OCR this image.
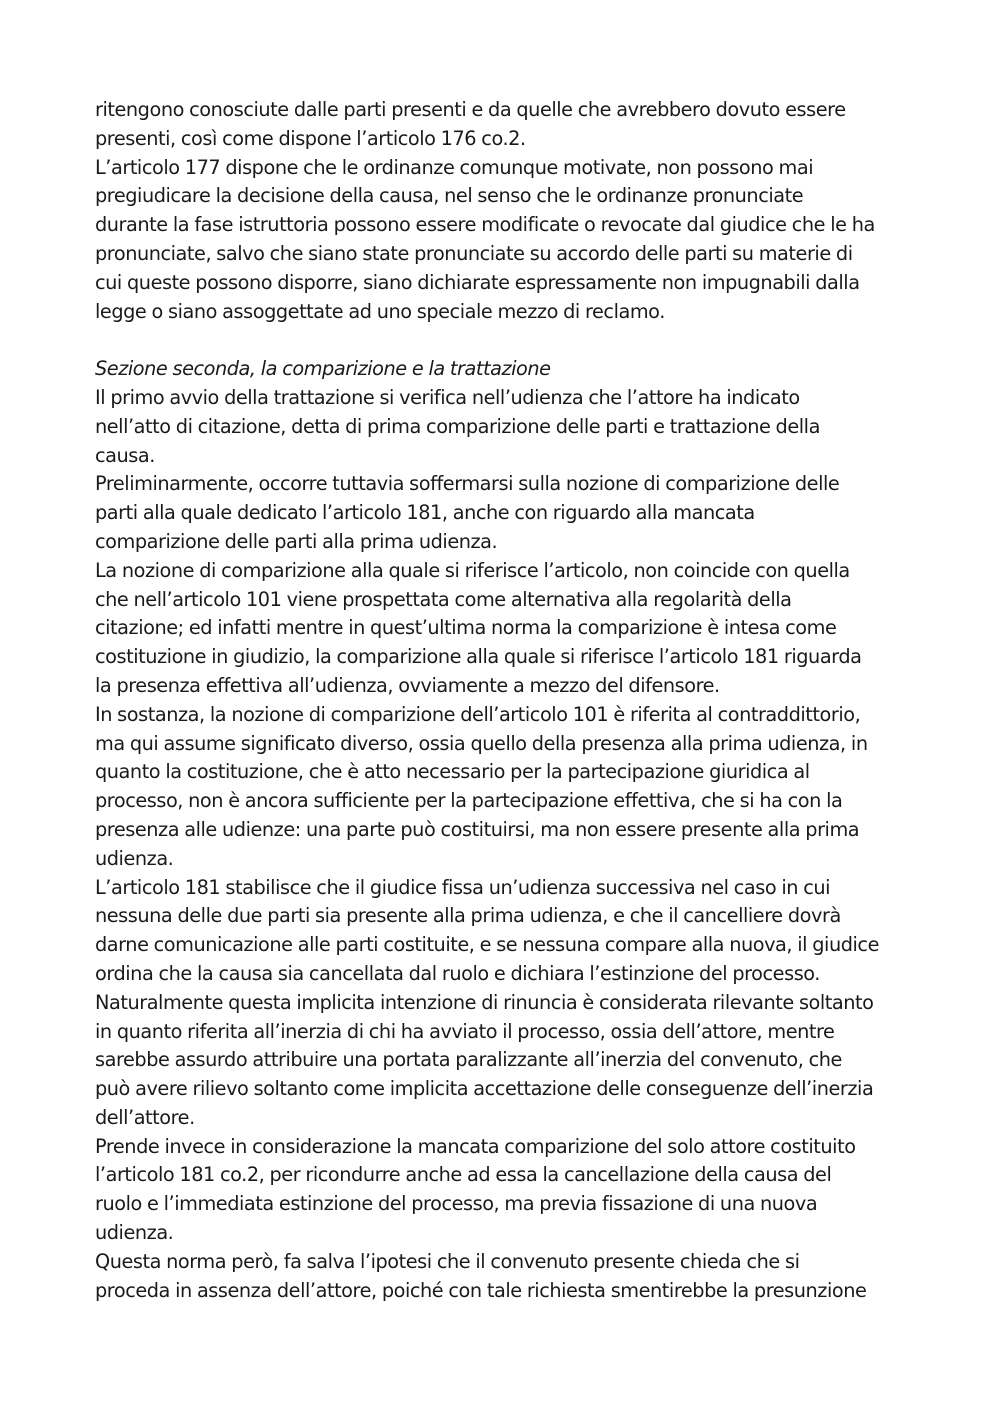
ritengono conosciute dalle parti presenti e da quelle che avrebbero dovuto essere
presenti, così come dispone l’articolo 176 co.2.
L’articolo 177 dispone che le ordinanze comunque motivate, non possono mai
pregiudicare la decisione della causa, nel senso che le ordinanze pronunciate
durante la fase istruttoria possono essere modificate o revocate dal giudice che le ha
pronunciate, salvo che siano state pronunciate su accordo delle parti su materie di
cui queste possono disporre, siano dichiarate espressamente non impugnabili dalla
legge o siano assoggettate ad uno speciale mezzo di reclamo.
Sezione seconda, la comparizione e la trattazione
Il primo avvio della trattazione si verifica nell’udienza che l’attore ha indicato
nell’atto di citazione, detta di prima comparizione delle parti e trattazione della
causa.
Preliminarmente, occorre tuttavia soffermarsi sulla nozione di comparizione delle
parti alla quale dedicato l’articolo 181, anche con riguardo alla mancata
comparizione delle parti alla prima udienza.
La nozione di comparizione alla quale si riferisce l’articolo, non coincide con quella
che nell’articolo 101 viene prospettata come alternativa alla regolarità della
citazione; ed infatti mentre in quest’ultima norma la comparizione è intesa come
costituzione in giudizio, la comparizione alla quale si riferisce l’articolo 181 riguarda
la presenza effettiva all’udienza, ovviamente a mezzo del difensore.
In sostanza, la nozione di comparizione dell’articolo 101 è riferita al contraddittorio,
ma qui assume significato diverso, ossia quello della presenza alla prima udienza, in
quanto la costituzione, che è atto necessario per la partecipazione giuridica al
processo, non è ancora sufficiente per la partecipazione effettiva, che si ha con la
presenza alle udienze: una parte può costituirsi, ma non essere presente alla prima
udienza.
L’articolo 181 stabilisce che il giudice fissa un’udienza successiva nel caso in cui
nessuna delle due parti sia presente alla prima udienza, e che il cancelliere dovrà
darne comunicazione alle parti costituite, e se nessuna compare alla nuova, il giudice
ordina che la causa sia cancellata dal ruolo e dichiara l’estinzione del processo.
Naturalmente questa implicita intenzione di rinuncia è considerata rilevante soltanto
in quanto riferita all’inerzia di chi ha avviato il processo, ossia dell’attore, mentre
sarebbe assurdo attribuire una portata paralizzante all’inerzia del convenuto, che
può avere rilievo soltanto come implicita accettazione delle conseguenze dell’inerzia
dell’attore.
Prende invece in considerazione la mancata comparizione del solo attore costituito
l’articolo 181 co.2, per ricondurre anche ad essa la cancellazione della causa del
ruolo e l’immediata estinzione del processo, ma previa fissazione di una nuova
udienza.
Questa norma però, fa salva l’ipotesi che il convenuto presente chieda che si
proceda in assenza dell’attore, poiché con tale richiesta smentirebbe la presunzione
